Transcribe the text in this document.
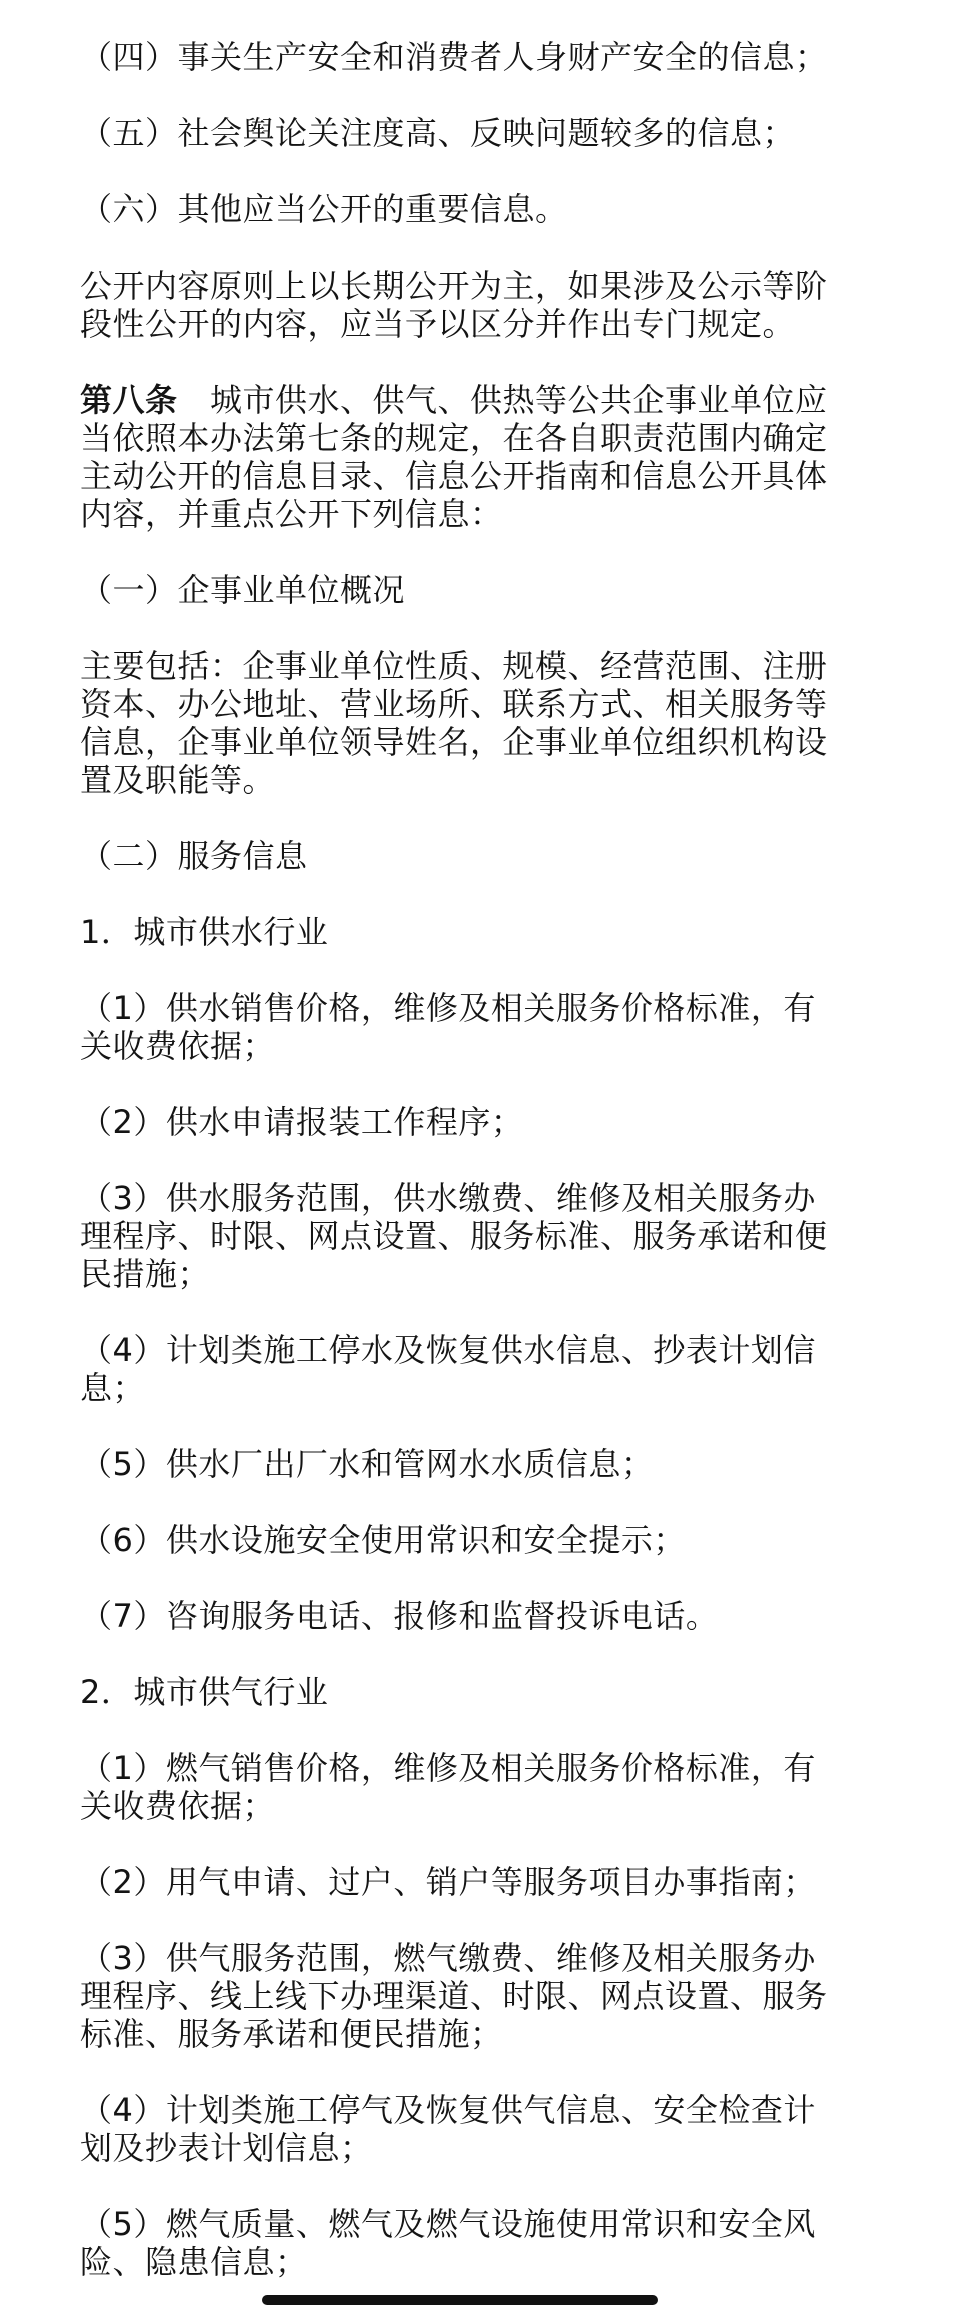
（四）事关生产安全和消费者人身财产安全的信息；

（五）社会舆论关注度高、反映问题较多的信息；

（六）其他应当公开的重要信息。

公开内容原则上以长期公开为主，如果涉及公示等阶

段性公开的内容，应当予以区分并作出专门规定。

第八条　城市供水、供气、供热等公共企事业单位应

当依照本办法第七条的规定，在各自职责范围内确定

主动公开的信息目录、信息公开指南和信息公开具体

内容，并重点公开下列信息：

（一）企事业单位概况

主要包括：企事业单位性质、规模、经营范围、注册

资本、办公地址、营业场所、联系方式、相关服务等

信息，企事业单位领导姓名，企事业单位组织机构设

置及职能等。

（二）服务信息

1．城市供水行业

（1）供水销售价格，维修及相关服务价格标准，有

关收费依据；

（2）供水申请报装工作程序；

（3）供水服务范围，供水缴费、维修及相关服务办

理程序、时限、网点设置、服务标准、服务承诺和便

民措施；

（4）计划类施工停水及恢复供水信息、抄表计划信

息；

（5）供水厂出厂水和管网水水质信息；

（6）供水设施安全使用常识和安全提示；

（7）咨询服务电话、报修和监督投诉电话。

2．城市供气行业

（1）燃气销售价格，维修及相关服务价格标准，有

关收费依据；

（2）用气申请、过户、销户等服务项目办事指南；

（3）供气服务范围，燃气缴费、维修及相关服务办

理程序、线上线下办理渠道、时限、网点设置、服务

标准、服务承诺和便民措施；

（4）计划类施工停气及恢复供气信息、安全检查计

划及抄表计划信息；

（5）燃气质量、燃气及燃气设施使用常识和安全风

险、隐患信息；
